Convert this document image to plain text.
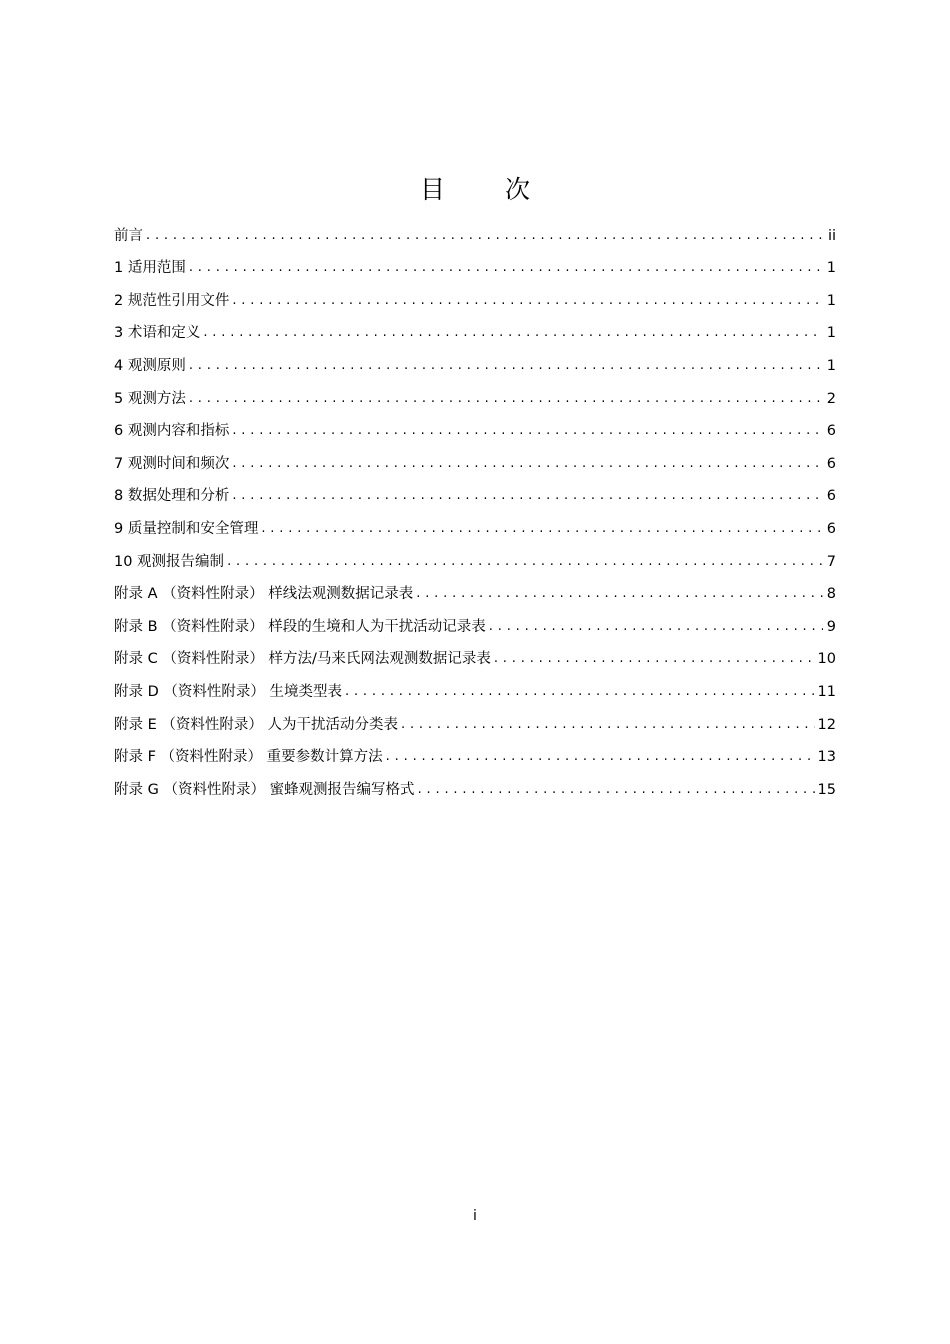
目 次
前言 . . .	ii
1 适用范围 . . .	1
2 规范性引用文件 . . .	1
3 术语和定义 . . .	1
4 观测原则 . . .	1
5 观测方法 . . .	2
6 观测内容和指标 . . .	6
7 观测时间和频次 . . .	6
8 数据处理和分析 . . .	6
9 质量控制和安全管理 . . .	6
10 观测报告编制 . . .	7
附录 A （资料性附录） 样线法观测数据记录表 . . .	8
附录 B （资料性附录） 样段的生境和人为干扰活动记录表 . . .	9
附录 C （资料性附录） 样方法/马来氏网法观测数据记录表 . . .	10
附录 D （资料性附录） 生境类型表 . . .	11
附录 E （资料性附录） 人为干扰活动分类表 . . .	12
附录 F （资料性附录） 重要参数计算方法 . . .	13
附录 G （资料性附录） 蜜蜂观测报告编写格式 . . .	15
i
